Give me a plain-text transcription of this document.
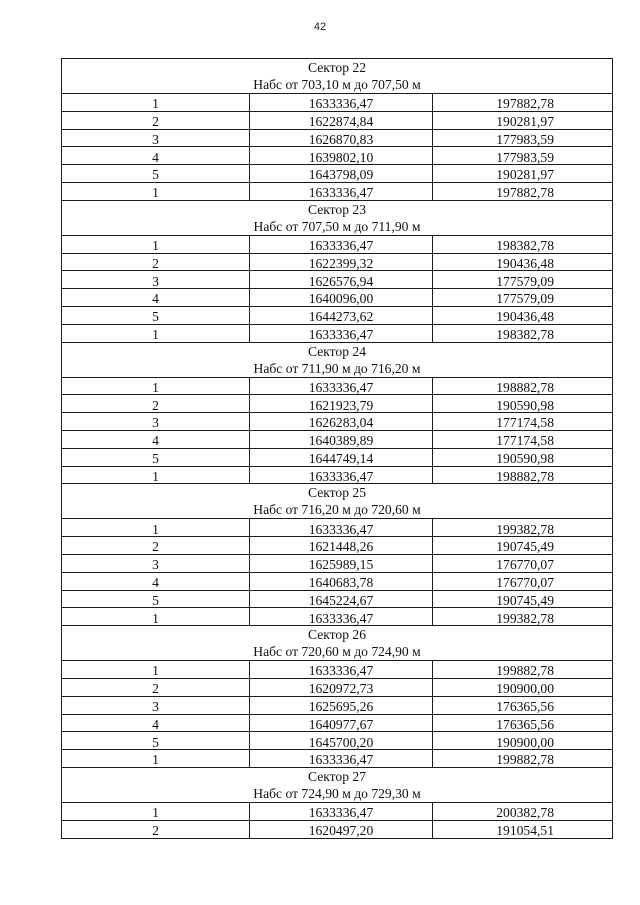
42
Сектор 22
Набс от 703,10 м до 707,50 м		

1	1633336,47	197882,78
2	1622874,84	190281,97
3	1626870,83	177983,59
4	1639802,10	177983,59
5	1643798,09	190281,97
1	1633336,47	197882,78

Сектор 23
Набс от 707,50 м до 711,90 м		

1	1633336,47	198382,78
2	1622399,32	190436,48
3	1626576,94	177579,09
4	1640096,00	177579,09
5	1644273,62	190436,48
1	1633336,47	198382,78

Сектор 24
Набс от 711,90 м до 716,20 м		

1	1633336,47	198882,78
2	1621923,79	190590,98
3	1626283,04	177174,58
4	1640389,89	177174,58
5	1644749,14	190590,98
1	1633336,47	198882,78

Сектор 25
Набс от 716,20 м до 720,60 м		

1	1633336,47	199382,78
2	1621448,26	190745,49
3	1625989,15	176770,07
4	1640683,78	176770,07
5	1645224,67	190745,49
1	1633336,47	199382,78

Сектор 26
Набс от 720,60 м до 724,90 м		

1	1633336,47	199882,78
2	1620972,73	190900,00
3	1625695,26	176365,56
4	1640977,67	176365,56
5	1645700,20	190900,00
1	1633336,47	199882,78

Сектор 27
Набс от 724,90 м до 729,30 м		

1	1633336,47	200382,78
2	1620497,20	191054,51
